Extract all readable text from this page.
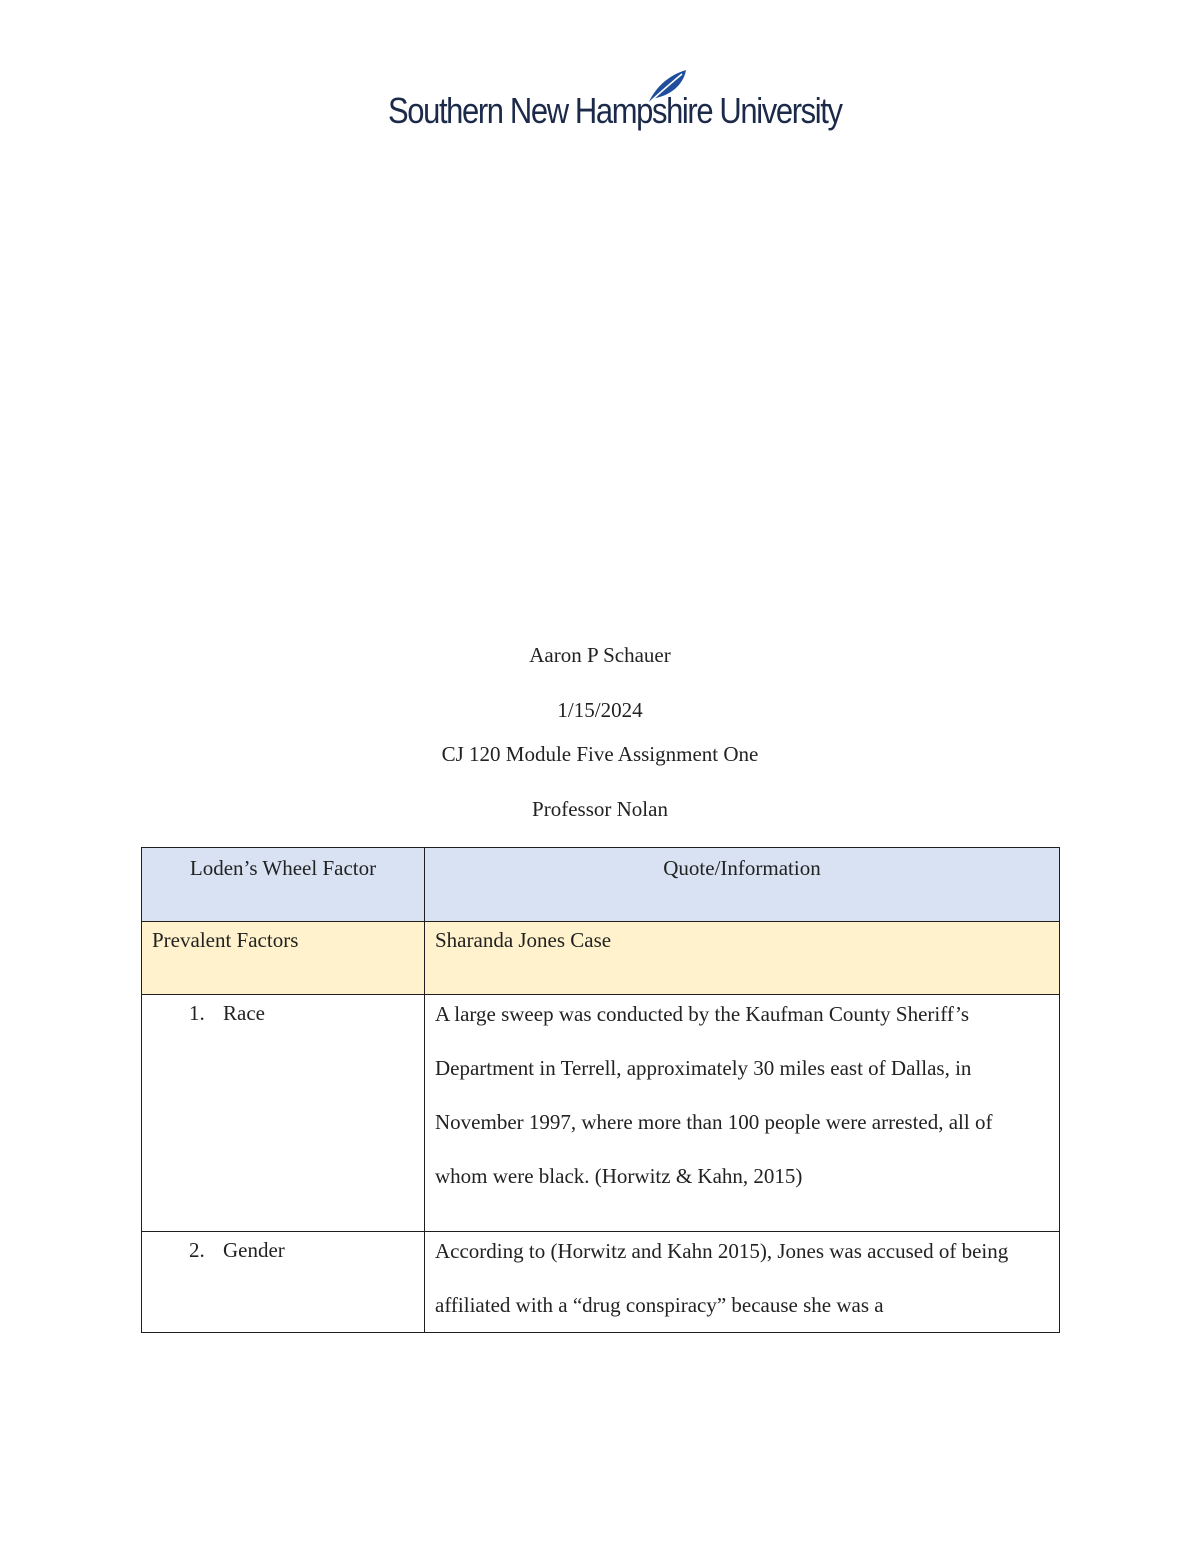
Southern New Hampshire University
Aaron P Schauer
1/15/2024
CJ 120 Module Five Assignment One
Professor Nolan
Loden’s Wheel Factor	Quote/Information

Prevalent Factors	Sharanda Jones Case

1. Race	A large sweep was conducted by the Kaufman County Sheriff’s Department in Terrell, approximately 30 miles east of Dallas, in November 1997, where more than 100 people were arrested, all of whom were black. (Horwitz & Kahn, 2015)

2. Gender	According to (Horwitz and Kahn 2015), Jones was accused of being affiliated with a “drug conspiracy” because she was a
